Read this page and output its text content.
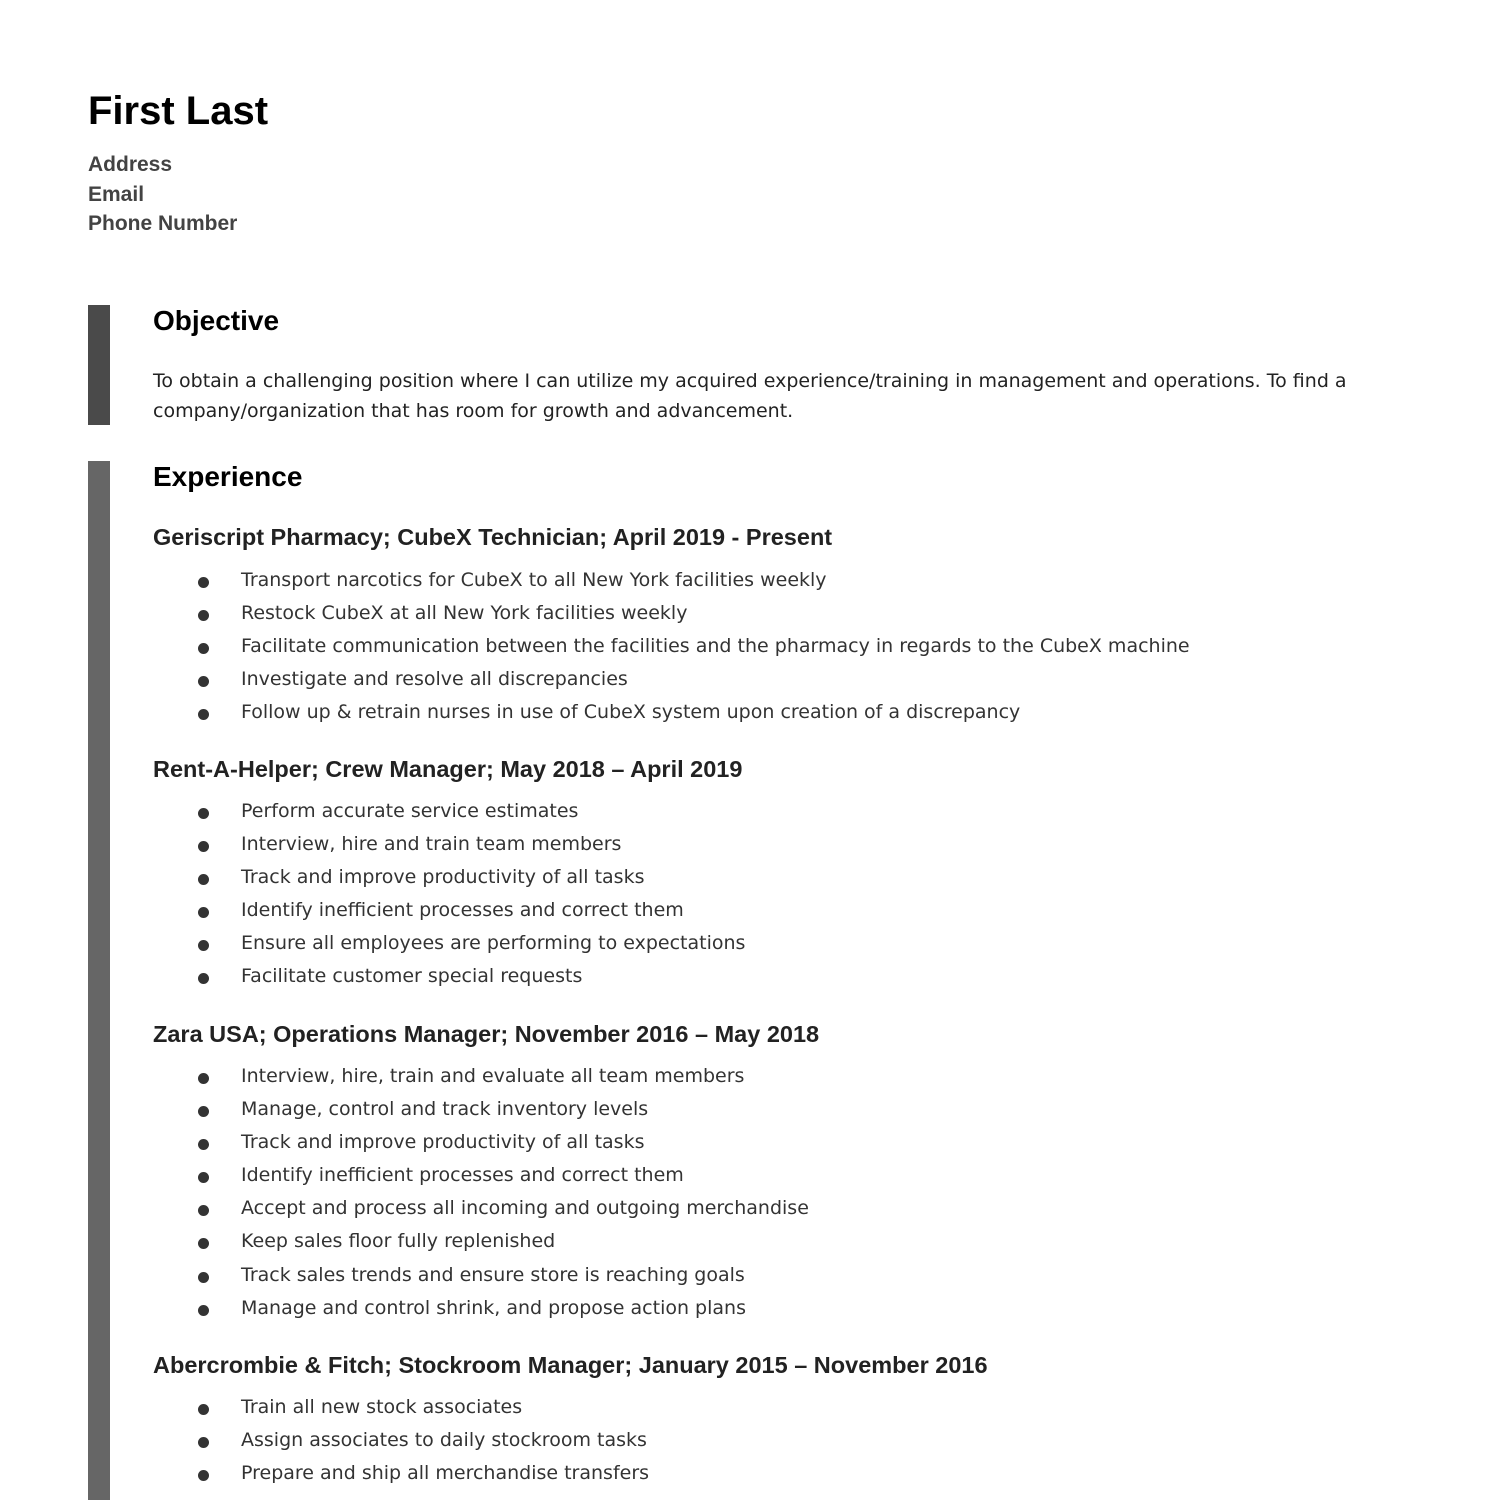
First Last
Address
Email
Phone Number
Objective

To obtain a challenging position where I can utilize my acquired experience/training in management and operations. To find a company/organization that has room for growth and advancement.

Experience
Geriscript Pharmacy; CubeX Technician; April 2019 - Present
Transport narcotics for CubeX to all New York facilities weekly
Restock CubeX at all New York facilities weekly
Facilitate communication between the facilities and the pharmacy in regards to the CubeX machine
Investigate and resolve all discrepancies
Follow up & retrain nurses in use of CubeX system upon creation of a discrepancy
Rent-A-Helper; Crew Manager; May 2018 – April 2019
Perform accurate service estimates
Interview, hire and train team members
Track and improve productivity of all tasks
Identify inefficient processes and correct them
Ensure all employees are performing to expectations
Facilitate customer special requests
Zara USA; Operations Manager; November 2016 – May 2018
Interview, hire, train and evaluate all team members
Manage, control and track inventory levels
Track and improve productivity of all tasks
Identify inefficient processes and correct them
Accept and process all incoming and outgoing merchandise
Keep sales floor fully replenished
Track sales trends and ensure store is reaching goals
Manage and control shrink, and propose action plans
Abercrombie & Fitch; Stockroom Manager; January 2015 – November 2016
Train all new stock associates
Assign associates to daily stockroom tasks
Prepare and ship all merchandise transfers
